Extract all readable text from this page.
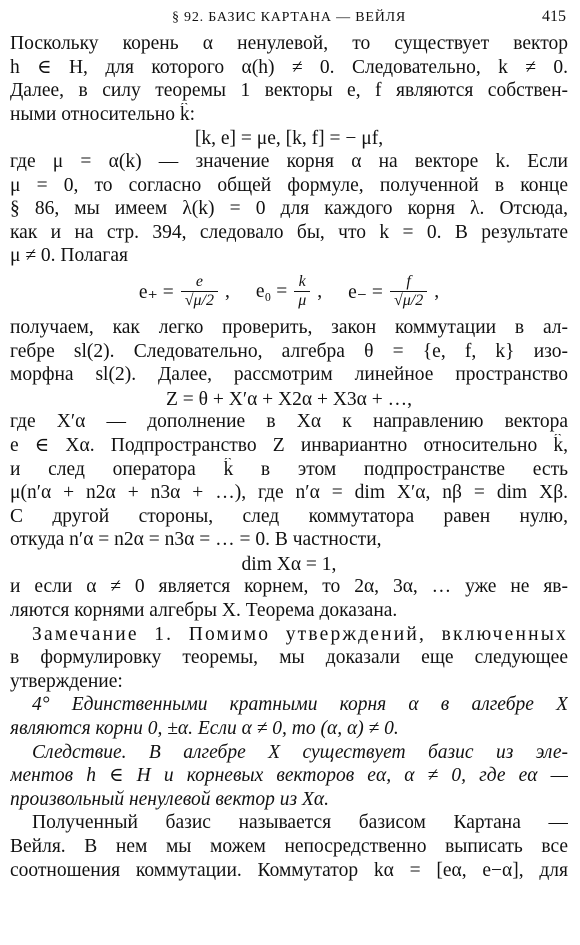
§ 92. БАЗИС КАРТАНА — ВЕЙЛЯ	415
Поскольку корень α ненулевой, то существует вектор
h ∈ H, для которого α(h) ≠ 0. Следовательно, k ≠ 0.
Далее, в силу теоремы 1 векторы e, f являются собствен-
ными относительно k̂:
[k, e] = μe, [k, f] = − μf,
где μ = α(k) — значение корня α на векторе k. Если
μ = 0, то согласно общей формуле, полученной в конце
§ 86, мы имеем λ(k) = 0 для каждого корня λ. Отсюда,
как и на стр. 394, следовало бы, что k = 0. В результате
μ ≠ 0. Полагая
$e_+ = \frac{e}{√\mu/2}$ , $e_0 = \frac{k}{\mu}$ , $e_- = \frac{f}{√\mu/2}$ ,
получаем, как легко проверить, закон коммутации в ал-
гебре sl(2). Следовательно, алгебра θ = {e, f, k} изо-
морфна sl(2). Далее, рассмотрим линейное пространство
Z = θ + X′α + X2α + X3α + …,
где X′α — дополнение в Xα к направлению вектора
e ∈ Xα. Подпространство Z инвариантно относительно k̂,
и след оператора k̂ в этом подпространстве есть
μ(n′α + n2α + n3α + …), где n′α = dim X′α, nβ = dim Xβ.
С другой стороны, след коммутатора равен нулю,
откуда n′α = n2α = n3α = … = 0. В частности,
dim Xα = 1,
и если α ≠ 0 является корнем, то 2α, 3α, … уже не яв-
ляются корнями алгебры X. Теорема доказана.
Замечание 1. Помимо утверждений, включенных
в формулировку теоремы, мы доказали еще следующее
утверждение:
4° Единственными кратными корня α в алгебре X
являются корни 0, ±α. Если α ≠ 0, то (α, α) ≠ 0.
Следствие. В алгебре X существует базис из эле-
ментов h ∈ H и корневых векторов eα, α ≠ 0, где eα —
произвольный ненулевой вектор из Xα.
Полученный базис называется базисом Картана —
Вейля. В нем мы можем непосредственно выписать все
соотношения коммутации. Коммутатор kα = [eα, e−α], для
